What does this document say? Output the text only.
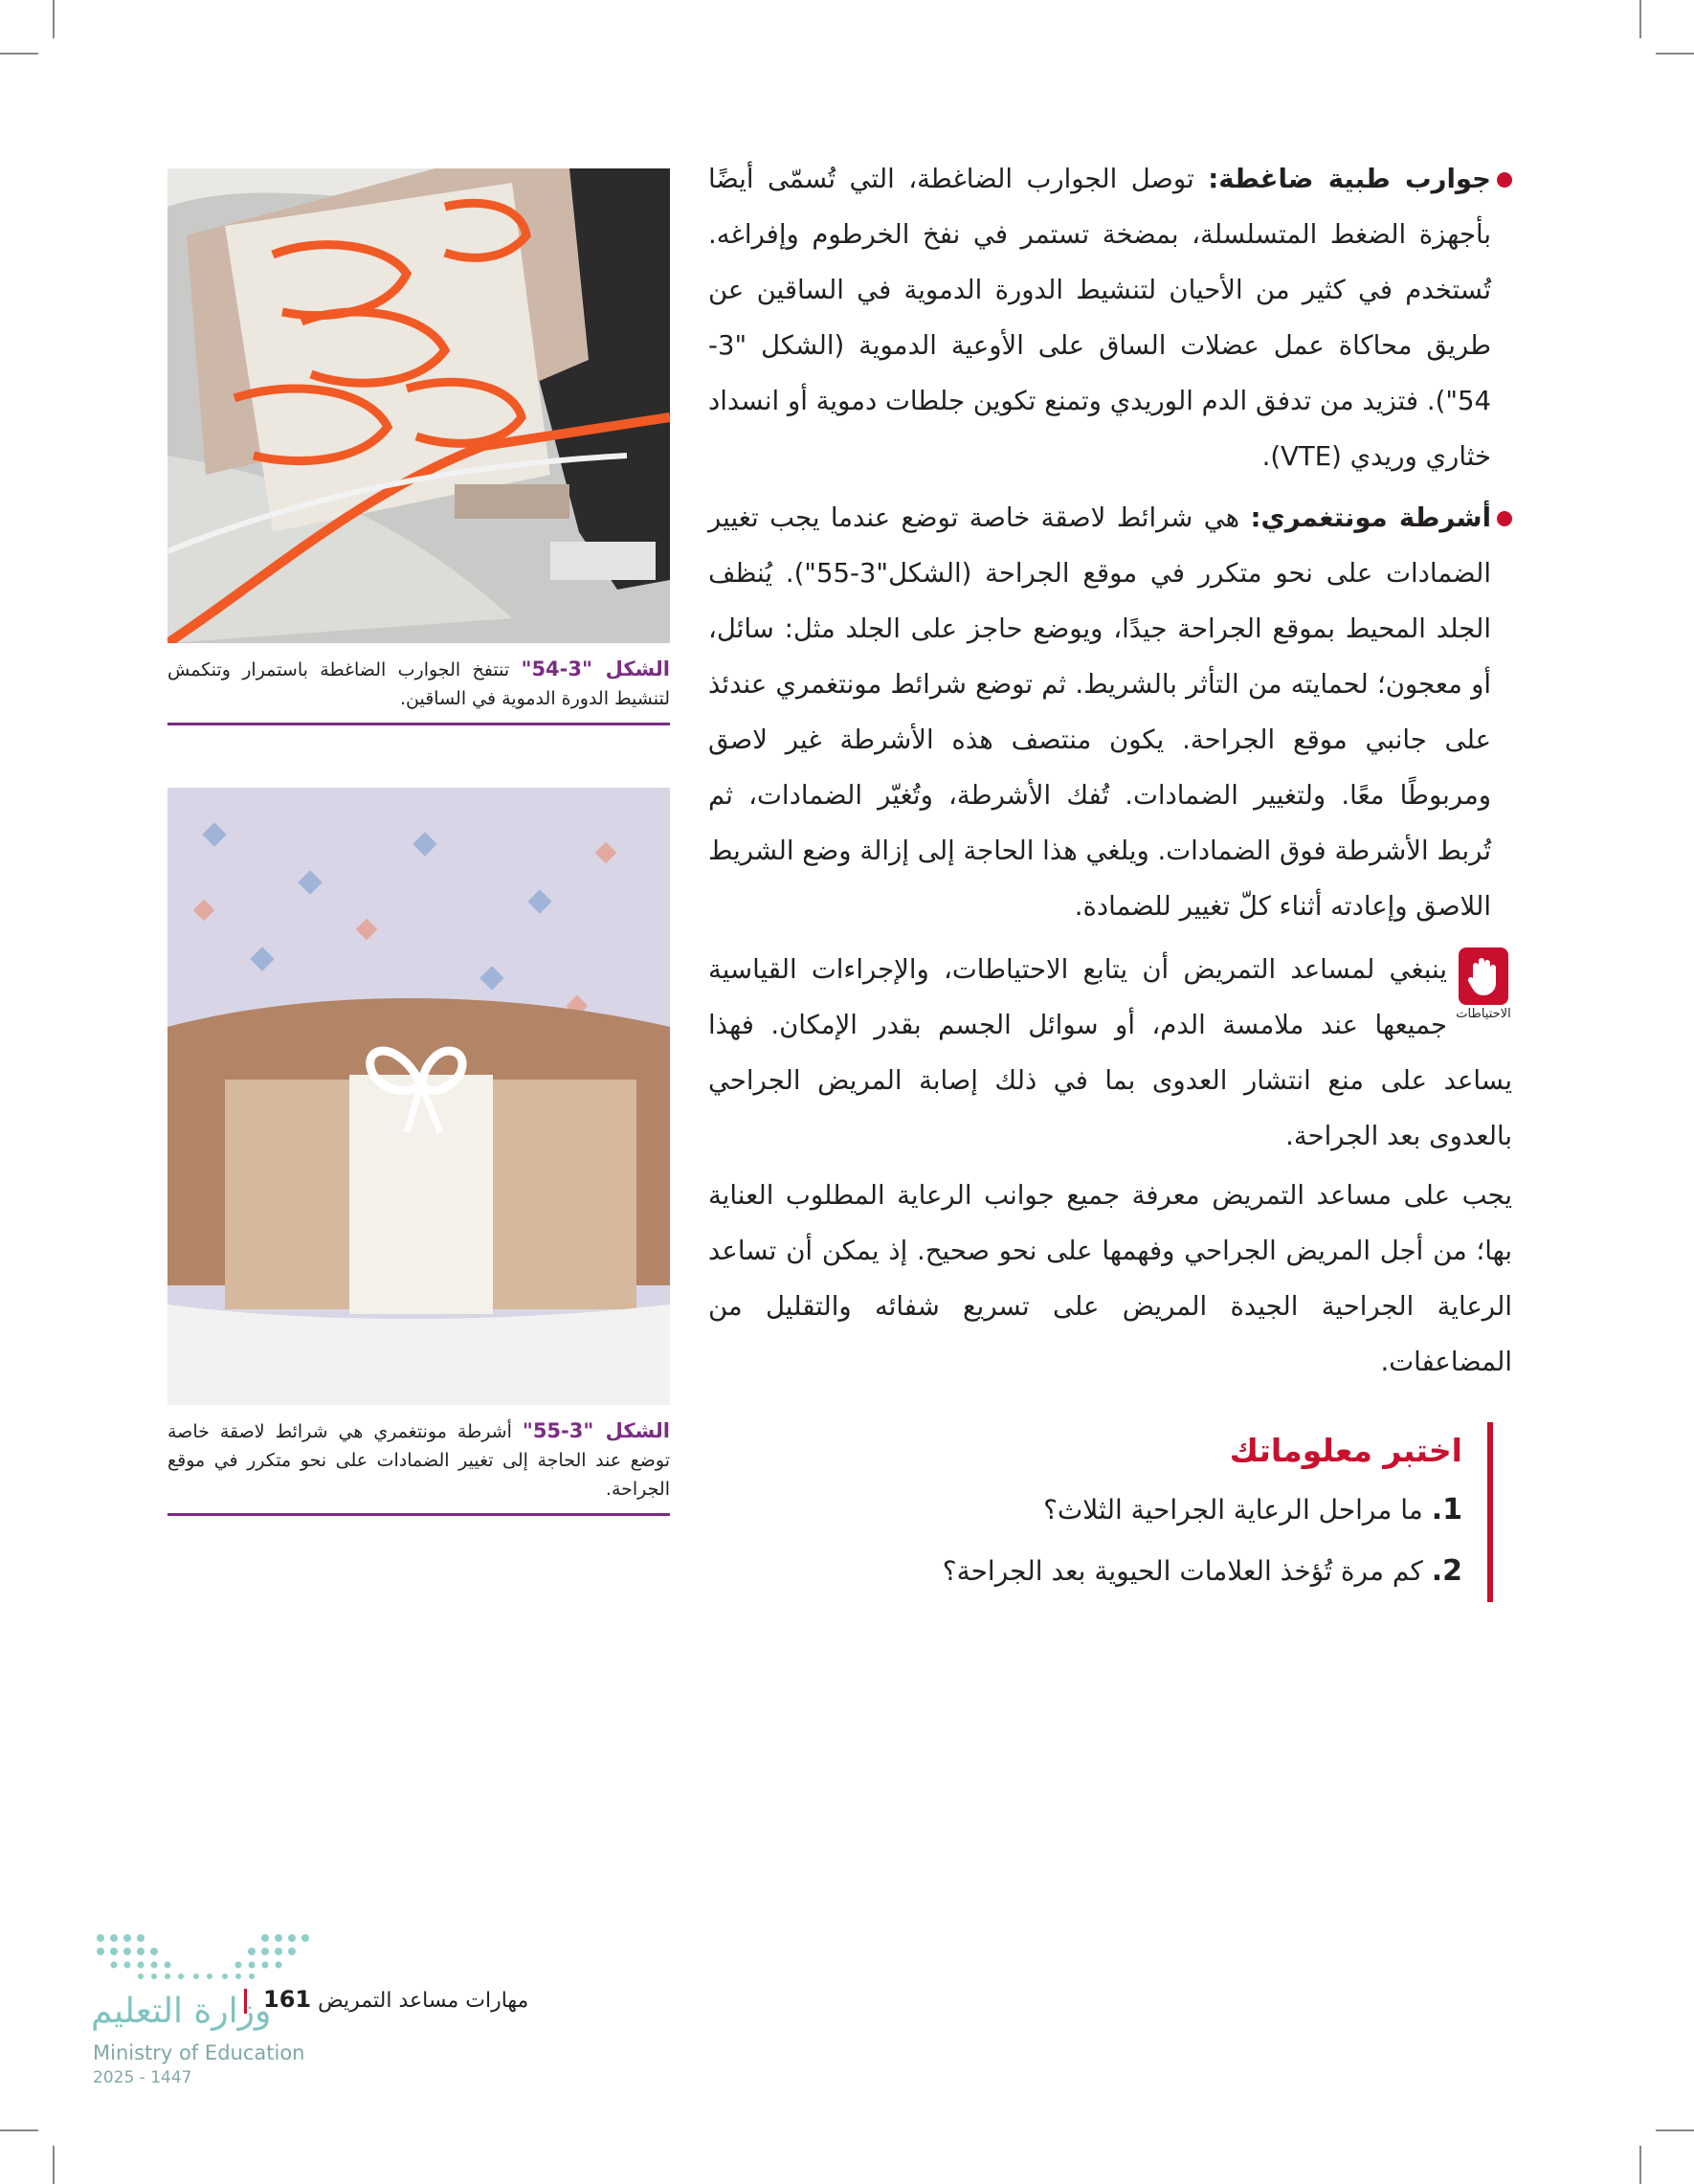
جوارب طبية ضاغطة: توصل الجوارب الضاغطة، التي تُسمّى أيضًا بأجهزة الضغط المتسلسلة، بمضخة تستمر في نفخ الخرطوم وإفراغه. تُستخدم في كثير من الأحيان لتنشيط الدورة الدموية في الساقين عن طريق محاكاة عمل عضلات الساق على الأوعية الدموية (الشكل "3-54"). فتزيد من تدفق الدم الوريدي وتمنع تكوين جلطات دموية أو انسداد خثاري وريدي (VTE).

أشرطة مونتغمري: هي شرائط لاصقة خاصة توضع عندما يجب تغيير الضمادات على نحو متكرر في موقع الجراحة (الشكل"3-55"). يُنظف الجلد المحيط بموقع الجراحة جيدًا، ويوضع حاجز على الجلد مثل: سائل، أو معجون؛ لحمايته من التأثر بالشريط. ثم توضع شرائط مونتغمري عندئذ على جانبي موقع الجراحة. يكون منتصف هذه الأشرطة غير لاصق ومربوطًا معًا. ولتغيير الضمادات. تُفك الأشرطة، وتُغيّر الضمادات، ثم تُربط الأشرطة فوق الضمادات. ويلغي هذا الحاجة إلى إزالة وضع الشريط اللاصق وإعادته أثناء كلّ تغيير للضمادة.

الاحتياطات

ينبغي لمساعد التمريض أن يتابع الاحتياطات، والإجراءات القياسية جميعها عند ملامسة الدم، أو سوائل الجسم بقدر الإمكان. فهذا يساعد على منع انتشار العدوى بما في ذلك إصابة المريض الجراحي بالعدوى بعد الجراحة.

يجب على مساعد التمريض معرفة جميع جوانب الرعاية المطلوب العناية بها؛ من أجل المريض الجراحي وفهمها على نحو صحيح. إذ يمكن أن تساعد الرعاية الجراحية الجيدة المريض على تسريع شفائه والتقليل من المضاعفات.

اختبر معلوماتك
1. ما مراحل الرعاية الجراحية الثلاث؟
2. كم مرة تُؤخذ العلامات الحيوية بعد الجراحة؟
الشكل "3-54" تنتفخ الجوارب الضاغطة باستمرار وتنكمش لتنشيط الدورة الدموية في الساقين.
الشكل "3-55" أشرطة مونتغمري هي شرائط لاصقة خاصة توضع عند الحاجة إلى تغيير الضمادات على نحو متكرر في موقع الجراحة.
مهارات مساعد التمريض 161
وزارة التعليم
Ministry of Education
2025 - 1447
